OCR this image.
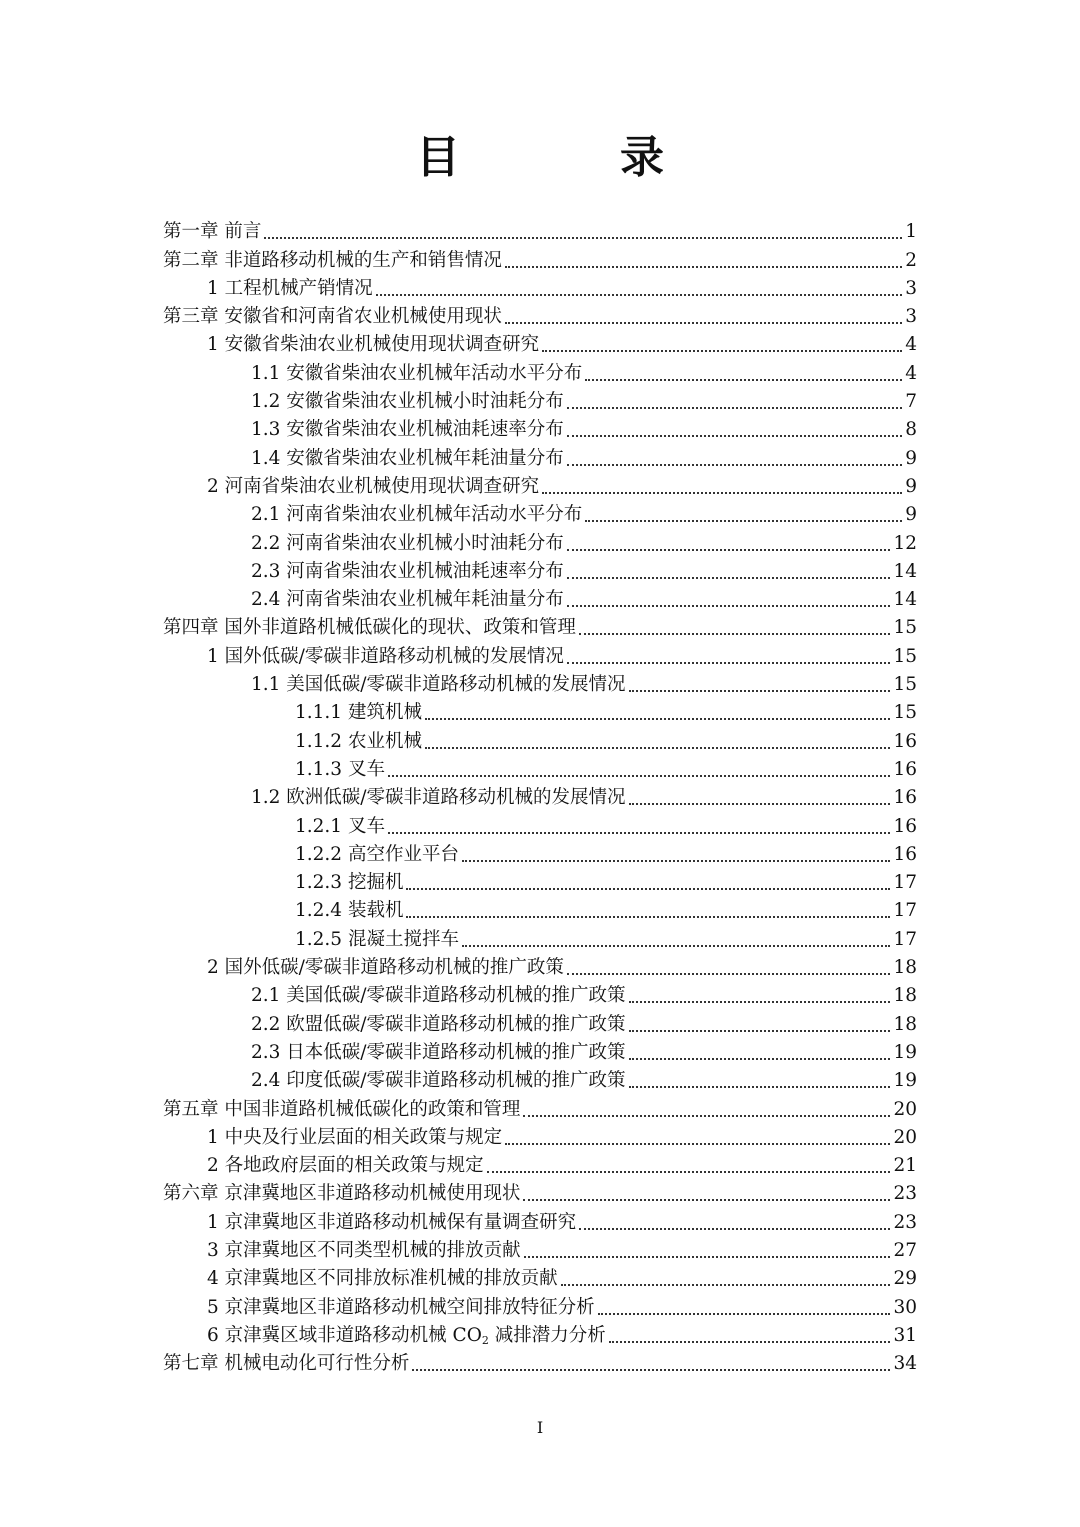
目　录
第一章 前言	1
第二章 非道路移动机械的生产和销售情况	2
1 工程机械产销情况	3
第三章 安徽省和河南省农业机械使用现状	3
1 安徽省柴油农业机械使用现状调查研究	4
1.1 安徽省柴油农业机械年活动水平分布	4
1.2 安徽省柴油农业机械小时油耗分布	7
1.3 安徽省柴油农业机械油耗速率分布	8
1.4 安徽省柴油农业机械年耗油量分布	9
2 河南省柴油农业机械使用现状调查研究	9
2.1 河南省柴油农业机械年活动水平分布	9
2.2 河南省柴油农业机械小时油耗分布	12
2.3 河南省柴油农业机械油耗速率分布	14
2.4 河南省柴油农业机械年耗油量分布	14
第四章 国外非道路机械低碳化的现状、政策和管理	15
1 国外低碳/零碳非道路移动机械的发展情况	15
1.1 美国低碳/零碳非道路移动机械的发展情况	15
1.1.1 建筑机械	15
1.1.2 农业机械	16
1.1.3 叉车	16
1.2 欧洲低碳/零碳非道路移动机械的发展情况	16
1.2.1 叉车	16
1.2.2 高空作业平台	16
1.2.3 挖掘机	17
1.2.4 装载机	17
1.2.5 混凝土搅拌车	17
2 国外低碳/零碳非道路移动机械的推广政策	18
2.1 美国低碳/零碳非道路移动机械的推广政策	18
2.2 欧盟低碳/零碳非道路移动机械的推广政策	18
2.3 日本低碳/零碳非道路移动机械的推广政策	19
2.4 印度低碳/零碳非道路移动机械的推广政策	19
第五章 中国非道路机械低碳化的政策和管理	20
1 中央及行业层面的相关政策与规定	20
2 各地政府层面的相关政策与规定	21
第六章 京津冀地区非道路移动机械使用现状	23
1 京津冀地区非道路移动机械保有量调查研究	23
3 京津冀地区不同类型机械的排放贡献	27
4 京津冀地区不同排放标准机械的排放贡献	29
5 京津冀地区非道路移动机械空间排放特征分析	30
6 京津冀区域非道路移动机械 $CO_2$ 减排潜力分析	31
第七章 机械电动化可行性分析	34
I
